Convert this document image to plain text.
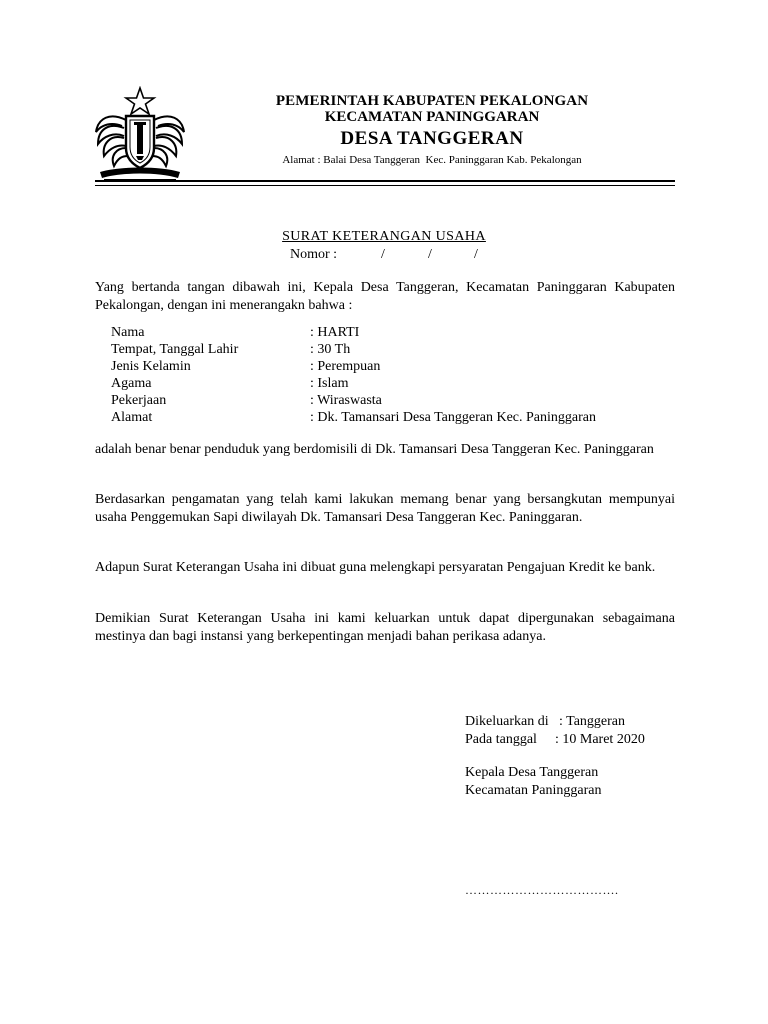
PEMERINTAH KABUPATEN PEKALONGAN
KECAMATAN PANINGGARAN
DESA TANGGERAN
Alamat : Balai Desa Tanggeran  Kec. Paninggaran Kab. Pekalongan
SURAT KETERANGAN USAHA
Nomor :	/	/	/
Yang bertanda tangan dibawah ini, Kepala Desa Tanggeran, Kecamatan Paninggaran Kabupaten Pekalongan, dengan ini menerangakn bahwa :
Nama	: HARTI
Tempat, Tanggal Lahir	: 30 Th
Jenis Kelamin	: Perempuan
Agama	: Islam
Pekerjaan	: Wiraswasta
Alamat	: Dk. Tamansari Desa Tanggeran Kec. Paninggaran
adalah benar benar penduduk yang berdomisili di Dk. Tamansari Desa Tanggeran Kec. Paninggaran
Berdasarkan pengamatan yang telah kami lakukan memang benar yang bersangkutan mempunyai usaha Penggemukan Sapi diwilayah Dk. Tamansari Desa Tanggeran Kec. Paninggaran.
Adapun Surat Keterangan Usaha ini dibuat guna melengkapi persyaratan Pengajuan Kredit ke bank.
Demikian Surat Keterangan Usaha ini kami keluarkan untuk dapat dipergunakan sebagaimana mestinya dan bagi instansi yang berkepentingan menjadi bahan perikasa adanya.
Dikeluarkan di : Tanggeran
Pada tanggal : 10 Maret 2020
Kepala Desa Tanggeran
Kecamatan Paninggaran
……………………………….
